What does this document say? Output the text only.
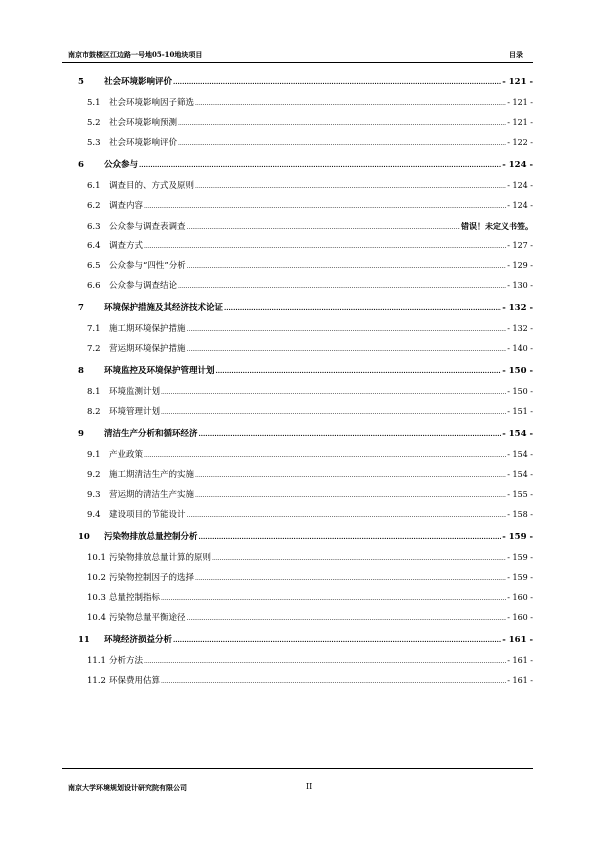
南京市鼓楼区江边路一号地05-10地块项目	目录
5	社会环境影响评价 .....	- 121 -
5.1 社会环境影响因子筛选 .....	- 121 -
5.2 社会环境影响预测 .....	- 121 -
5.3 社会环境影响评价 .....	- 122 -
6	公众参与 .....	- 124 -
6.1 调查目的、方式及原则 .....	- 124 -
6.2 调查内容 .....	- 124 -
6.3 公众参与调查表调查 .....	错误！未定义书签。
6.4 调查方式 .....	- 127 -
6.5 公众参与“四性”分析 .....	- 129 -
6.6 公众参与调查结论 .....	- 130 -
7	环境保护措施及其经济技术论证 .....	- 132 -
7.1 施工期环境保护措施 .....	- 132 -
7.2 营运期环境保护措施 .....	- 140 -
8	环境监控及环境保护管理计划 .....	- 150 -
8.1 环境监测计划 .....	- 150 -
8.2 环境管理计划 .....	- 151 -
9	清洁生产分析和循环经济 .....	- 154 -
9.1 产业政策 .....	- 154 -
9.2 施工期清洁生产的实施 .....	- 154 -
9.3 营运期的清洁生产实施 .....	- 155 -
9.4 建设项目的节能设计 .....	- 158 -
10	污染物排放总量控制分析 .....	- 159 -
10.1 污染物排放总量计算的原则 .....	- 159 -
10.2 污染物控制因子的选择 .....	- 159 -
10.3 总量控制指标 .....	- 160 -
10.4 污染物总量平衡途径 .....	- 160 -
11	环境经济损益分析 .....	- 161 -
11.1 分析方法 .....	- 161 -
11.2 环保费用估算 .....	- 161 -
南京大学环境规划设计研究院有限公司	II
